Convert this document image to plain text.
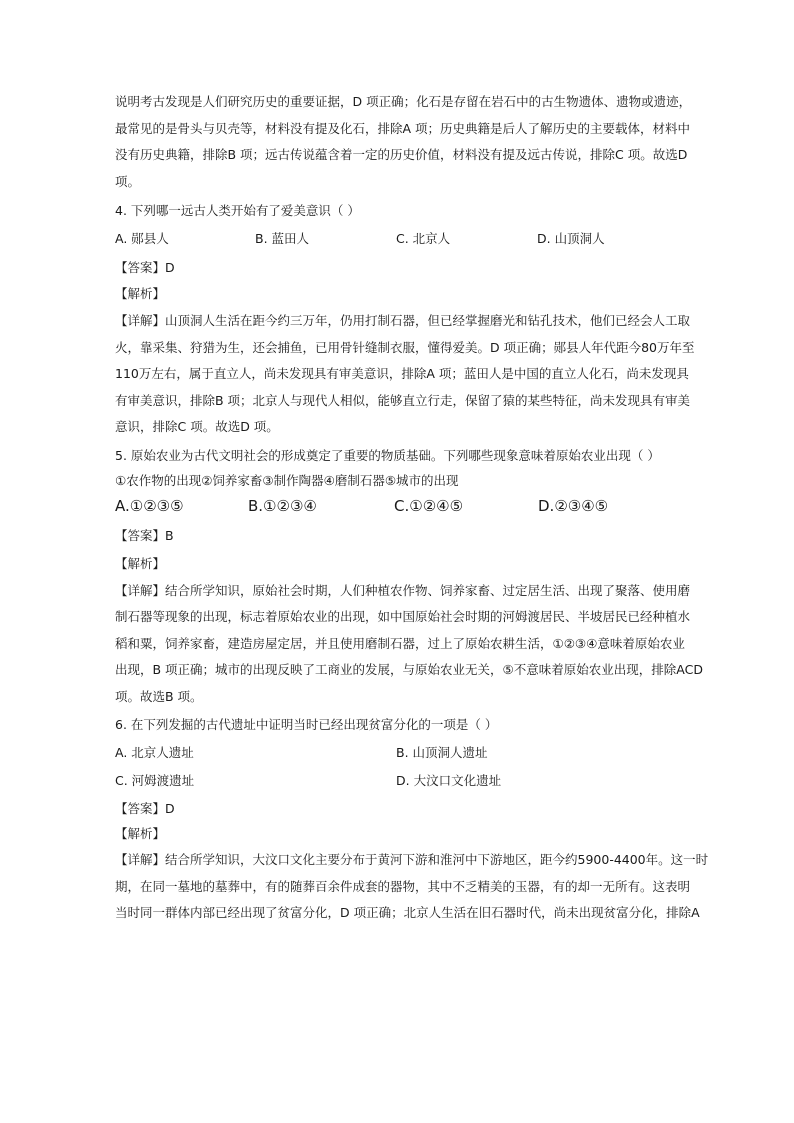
说明考古发现是人们研究历史的重要证据，D 项正确；化石是存留在岩石中的古生物遗体、遗物或遗迹，
最常见的是骨头与贝壳等，材料没有提及化石，排除A 项；历史典籍是后人了解历史的主要载体，材料中
没有历史典籍，排除B 项；远古传说蕴含着一定的历史价值，材料没有提及远古传说，排除C 项。故选D
项。
4. 下列哪一远古人类开始有了爱美意识（ ）
A. 郧县人	B. 蓝田人	C. 北京人	D. 山顶洞人
【答案】D
【解析】
【详解】山顶洞人生活在距今约三万年，仍用打制石器，但已经掌握磨光和钻孔技术，他们已经会人工取
火，靠采集、狩猎为生，还会捕鱼，已用骨针缝制衣服，懂得爱美。D 项正确；郧县人年代距今80万年至
110万左右，属于直立人，尚未发现具有审美意识，排除A 项；蓝田人是中国的直立人化石，尚未发现具
有审美意识，排除B 项；北京人与现代人相似，能够直立行走，保留了猿的某些特征，尚未发现具有审美
意识，排除C 项。故选D 项。
5. 原始农业为古代文明社会的形成奠定了重要的物质基础。下列哪些现象意味着原始农业出现（ ）
①农作物的出现②饲养家畜③制作陶器④磨制石器⑤城市的出现
A.①②③⑤	B.①②③④	C.①②④⑤	D.②③④⑤
【答案】B
【解析】
【详解】结合所学知识，原始社会时期，人们种植农作物、饲养家畜、过定居生活、出现了聚落、使用磨
制石器等现象的出现，标志着原始农业的出现，如中国原始社会时期的河姆渡居民、半坡居民已经种植水
稻和粟，饲养家畜，建造房屋定居，并且使用磨制石器，过上了原始农耕生活，①②③④意味着原始农业
出现，B 项正确；城市的出现反映了工商业的发展，与原始农业无关，⑤不意味着原始农业出现，排除ACD
项。故选B 项。
6. 在下列发掘的古代遗址中证明当时已经出现贫富分化的一项是（ ）
A. 北京人遗址	B. 山顶洞人遗址
C. 河姆渡遗址	D. 大汶口文化遗址
【答案】D
【解析】
【详解】结合所学知识，大汶口文化主要分布于黄河下游和淮河中下游地区，距今约5900-4400年。这一时
期，在同一墓地的墓葬中，有的随葬百余件成套的器物，其中不乏精美的玉器，有的却一无所有。这表明
当时同一群体内部已经出现了贫富分化，D 项正确；北京人生活在旧石器时代，尚未出现贫富分化，排除A
